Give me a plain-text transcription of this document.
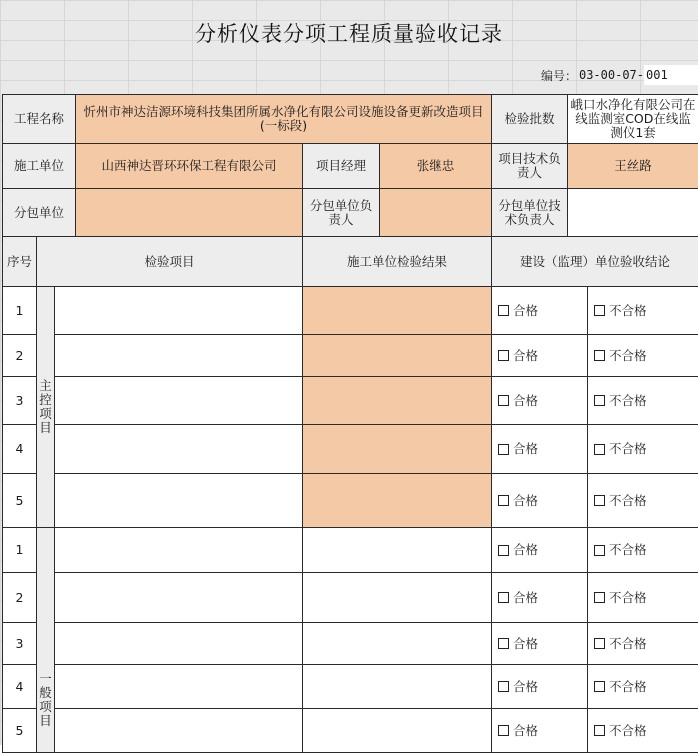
分析仪表分项工程质量验收记录
编号： 03-00-07- 001
工程名称			忻州市神达洁源环境科技集团所属水净化有限公司设施设备更新改造项目(一标段)			检验批数	峨口水净化有限公司在线监测室COD在线监测仪1套	
施工单位			山西神达晋环环保工程有限公司	项目经理	张继忠	项目技术负责人	王丝路	
分包单位				分包单位负责人		分包单位技术负责人		
序号	检验项目			施工单位检验结果		建设（监理）单位验收结论		
1	主控项目					合格		不合格

2						合格		不合格

3						合格		不合格

4						合格		不合格

5						合格		不合格

1	一般项目					合格		不合格

2						合格		不合格

3						合格		不合格

4						合格		不合格

5						合格		不合格
